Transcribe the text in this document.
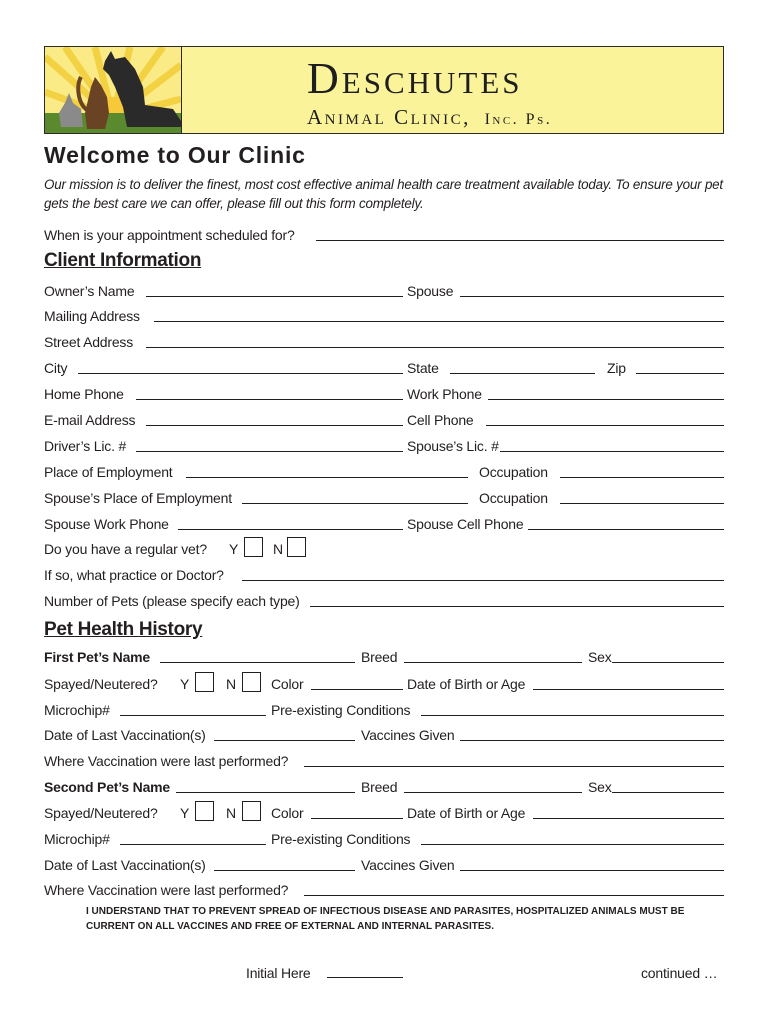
Deschutes
Animal Clinic, Inc. Ps.
Welcome to Our Clinic
Our mission is to deliver the finest, most cost effective animal health care treatment available today. To ensure your pet gets the best care we can offer, please fill out this form completely.
When is your appointment scheduled for?
Client Information
Owner’s Name	Spouse
Mailing Address
Street Address
City	State	Zip
Home Phone	Work Phone
E-mail Address	Cell Phone
Driver’s Lic. #	Spouse’s Lic. #
Place of Employment	Occupation
Spouse’s Place of Employment	Occupation
Spouse Work Phone	Spouse Cell Phone
Do you have a regular vet? Y N
If so, what practice or Doctor?
Number of Pets (please specify each type)
Pet Health History
First Pet’s Name	Breed	Sex
Spayed/Neutered? Y	N	Color	Date of Birth or Age
Microchip#	Pre-existing Conditions
Date of Last Vaccination(s)	Vaccines Given
Where Vaccination were last performed?
Second Pet’s Name	Breed	Sex
Spayed/Neutered? Y	N	Color	Date of Birth or Age
Microchip#	Pre-existing Conditions
Date of Last Vaccination(s)	Vaccines Given
Where Vaccination were last performed?
I UNDERSTAND THAT TO PREVENT SPREAD OF INFECTIOUS DISEASE AND PARASITES, HOSPITALIZED ANIMALS MUST BE CURRENT ON ALL VACCINES AND FREE OF EXTERNAL AND INTERNAL PARASITES.
Initial Here	continued …
